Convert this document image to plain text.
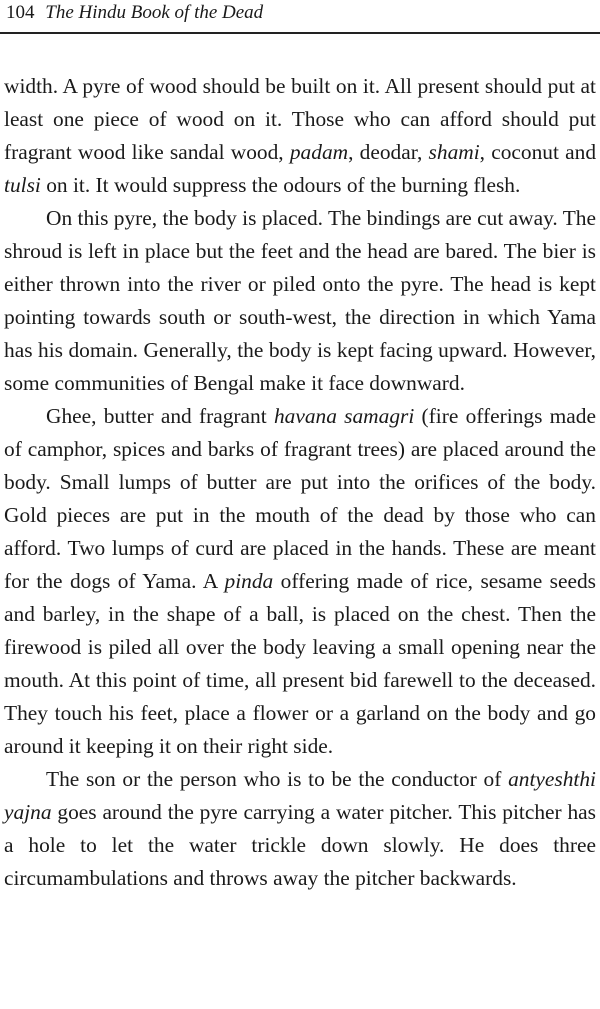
104 The Hindu Book of the Dead

width. A pyre of wood should be built on it. All present should put at least one piece of wood on it. Those who can afford should put fragrant wood like sandal wood, padam, deodar, shami, coconut and tulsi on it. It would suppress the odours of the burning flesh.

On this pyre, the body is placed. The bindings are cut away. The shroud is left in place but the feet and the head are bared. The bier is either thrown into the river or piled onto the pyre. The head is kept pointing towards south or south-west, the direction in which Yama has his domain. Generally, the body is kept facing upward. However, some communities of Bengal make it face downward.

Ghee, butter and fragrant havana samagri (fire offerings made of camphor, spices and barks of fragrant trees) are placed around the body. Small lumps of butter are put into the orifices of the body. Gold pieces are put in the mouth of the dead by those who can afford. Two lumps of curd are placed in the hands. These are meant for the dogs of Yama. A pinda offering made of rice, sesame seeds and barley, in the shape of a ball, is placed on the chest. Then the firewood is piled all over the body leaving a small opening near the mouth. At this point of time, all present bid farewell to the deceased. They touch his feet, place a flower or a garland on the body and go around it keeping it on their right side.

The son or the person who is to be the conductor of antyeshthi yajna goes around the pyre carrying a water pitcher. This pitcher has a hole to let the water trickle down slowly. He does three circumambulations and throws away the pitcher backwards.
